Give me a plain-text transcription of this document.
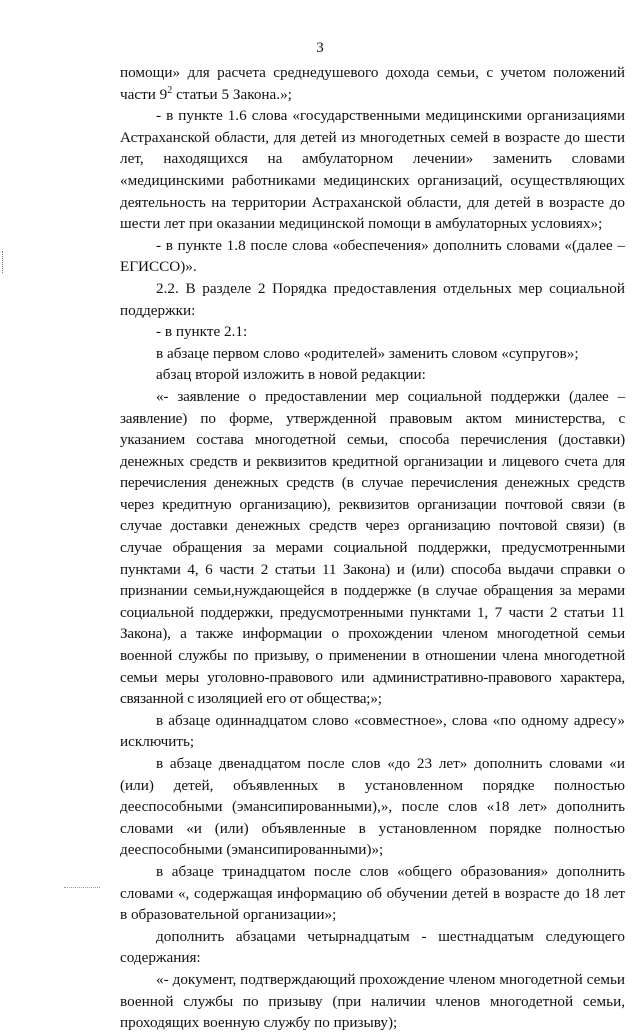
3

помощи» для расчета среднедушевого дохода семьи, с учетом положений части $9^2$ статьи 5 Закона.»;

- в пункте 1.6 слова «государственными медицинскими организациями Астраханской области, для детей из многодетных семей в возрасте до шести лет, находящихся на амбулаторном лечении» заменить словами «медицинскими работниками медицинских организаций, осуществляющих деятельность на территории Астраханской области, для детей в возрасте до шести лет при оказании медицинской помощи в амбулаторных условиях»;

- в пункте 1.8 после слова «обеспечения» дополнить словами «(далее – ЕГИССО)».

2.2. В разделе 2 Порядка предоставления отдельных мер социальной поддержки:

- в пункте 2.1:

в абзаце первом слово «родителей» заменить словом «супругов»;

абзац второй изложить в новой редакции:

«- заявление о предоставлении мер социальной поддержки (далее – заявление) по форме, утвержденной правовым актом министерства, с указанием состава многодетной семьи, способа перечисления (доставки) денежных средств и реквизитов кредитной организации и лицевого счета для перечисления денежных средств (в случае перечисления денежных средств через кредитную организацию), реквизитов организации почтовой связи (в случае доставки денежных средств через организацию почтовой связи) (в случае обращения за мерами социальной поддержки, предусмотренными пунктами 4, 6 части 2 статьи 11 Закона) и (или) способа выдачи справки о признании семьи,нуждающейся в поддержке (в случае обращения за мерами социальной поддержки, предусмотренными пунктами 1, 7 части 2 статьи 11 Закона), а также информации о прохождении членом многодетной семьи военной службы по призыву, о применении в отношении члена многодетной семьи меры уголовно-правового или административно-правового характера, связанной с изоляцией его от общества;»;

в абзаце одиннадцатом слово «совместное», слова «по одному адресу» исключить;

в абзаце двенадцатом после слов «до 23 лет» дополнить словами «и (или) детей, объявленных в установленном порядке полностью дееспособными (эмансипированными),», после слов «18 лет» дополнить словами «и (или) объявленные в установленном порядке полностью дееспособными (эмансипированными)»;

в абзаце тринадцатом после слов «общего образования» дополнить словами «, содержащая информацию об обучении детей в возрасте до 18 лет в образовательной организации»;

дополнить абзацами четырнадцатым - шестнадцатым следующего содержания:

«- документ, подтверждающий прохождение членом многодетной семьи военной службы по призыву (при наличии членов многодетной семьи, проходящих военную службу по призыву);
